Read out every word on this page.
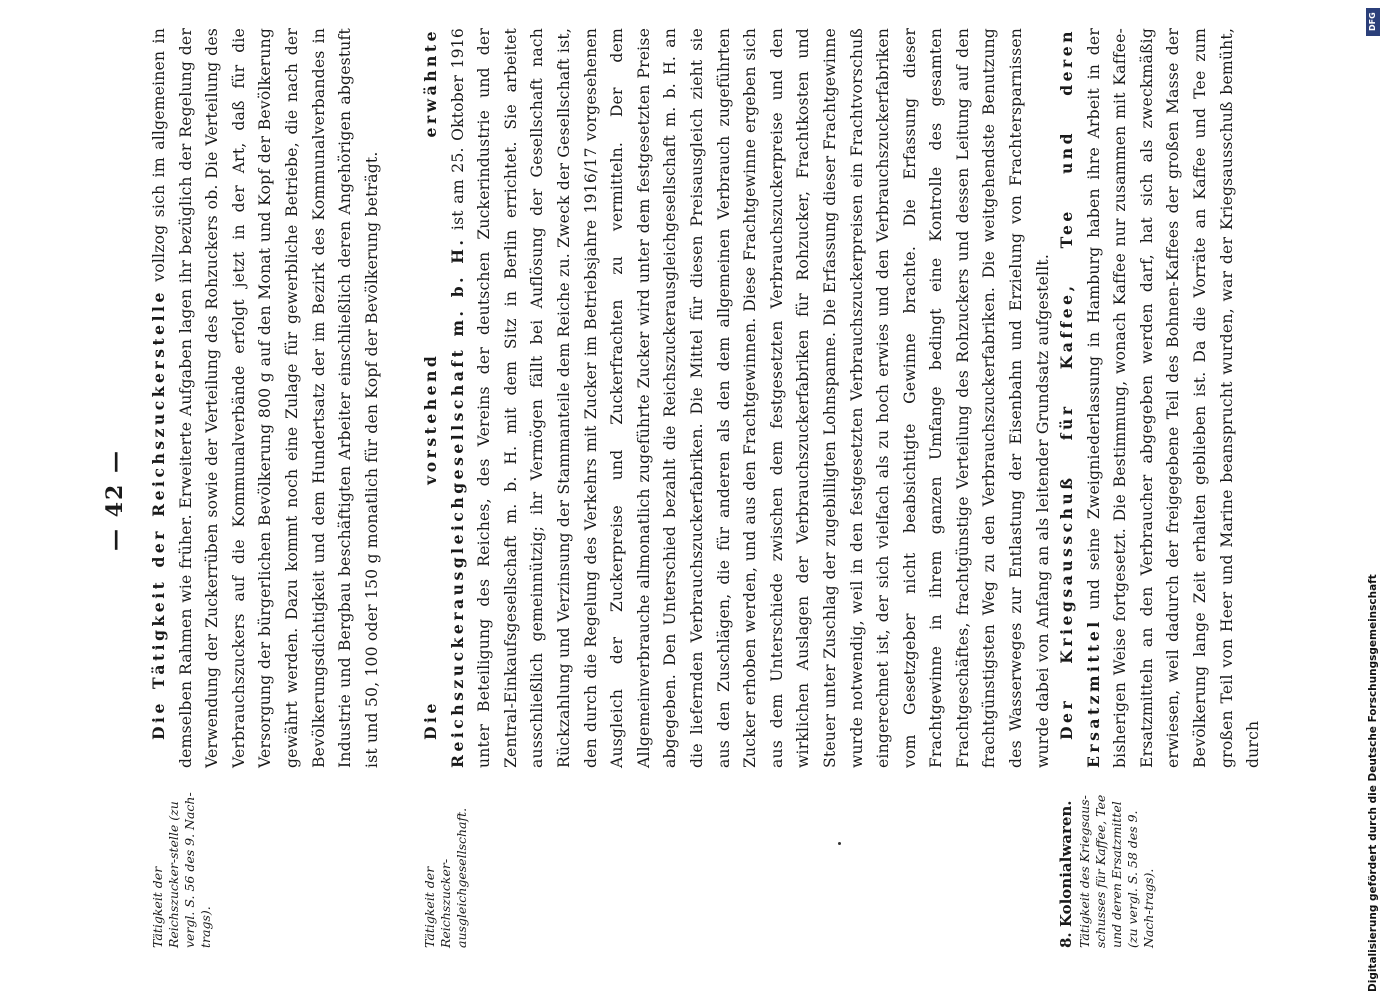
— 42 —
Tätigkeit der Reichszucker-stelle (zu vergl. S. 56 des 9. Nach-trags).
Die Tätigkeit der Reichszuckerstelle vollzog sich im allgemeinen in demselben Rahmen wie früher. Erweiterte Aufgaben lagen ihr bezüglich der Regelung der Verwendung der Zuckerrüben sowie der Verteilung des Rohzuckers ob. Die Verteilung des Verbrauchszuckers auf die Kommunalverbände erfolgt jetzt in der Art, daß für die Versorgung der bürgerlichen Bevölkerung 800 g auf den Monat und Kopf der Bevölkerung gewährt werden. Dazu kommt noch eine Zulage für gewerbliche Betriebe, die nach der Bevölkerungsdichtigkeit und dem Hundertsatz der im Bezirk des Kommunalverbandes in Industrie und Bergbau beschäftigten Arbeiter einschließlich deren Angehörigen abgestuft ist und 50, 100 oder 150 g monatlich für den Kopf der Bevölkerung beträgt.
Tätigkeit der Reichszucker-ausgleichgesellschaft.
Die vorstehend erwähnte Reichszuckerausgleichgesellschaft m. b. H. ist am 25. Oktober 1916 unter Beteiligung des Reiches, des Vereins der deutschen Zuckerindustrie und der Zentral-Einkaufsgesellschaft m. b. H. mit dem Sitz in Berlin errichtet. Sie arbeitet ausschließlich gemeinnützig; ihr Vermögen fällt bei Auflösung der Gesellschaft nach Rückzahlung und Verzinsung der Stammanteile dem Reiche zu. Zweck der Gesellschaft ist, den durch die Regelung des Verkehrs mit Zucker im Betriebsjahre 1916/17 vorgesehenen Ausgleich der Zuckerpreise und Zuckerfrachten zu vermitteln. Der dem Allgemeinverbrauche allmonatlich zugeführte Zucker wird unter dem festgesetzten Preise abgegeben. Den Unterschied bezahlt die Reichszuckerausgleichgesellschaft m. b. H. an die liefernden Verbrauchszuckerfabriken. Die Mittel für diesen Preisausgleich zieht sie aus den Zuschlägen, die für anderen als den dem allgemeinen Verbrauch zugeführten Zucker erhoben werden, und aus den Frachtgewinnen. Diese Frachtgewinne ergeben sich aus dem Unterschiede zwischen dem festgesetzten Verbrauchszuckerpreise und den wirklichen Auslagen der Verbrauchszuckerfabriken für Rohzucker, Frachtkosten und Steuer unter Zuschlag der zugebilligten Lohnspanne. Die Erfassung dieser Frachtgewinne wurde notwendig, weil in den festgesetzten Verbrauchszuckerpreisen ein Frachtvorschuß eingerechnet ist, der sich vielfach als zu hoch erwies und den Verbrauchszuckerfabriken vom Gesetzgeber nicht beabsichtigte Gewinne brachte. Die Erfassung dieser Frachtgewinne in ihrem ganzen Umfange bedingt eine Kontrolle des gesamten Frachtgeschäftes, frachtgünstige Verteilung des Rohzuckers und dessen Leitung auf den frachtgünstigsten Weg zu den Verbrauchszuckerfabriken. Die weitgehendste Benutzung des Wasserweges zur Entlastung der Eisenbahn und Erzielung von Frachtersparnissen wurde dabei von Anfang an als leitender Grundsatz aufgestellt.
8. Kolonialwaren. Tätigkeit des Kriegsaus-schusses für Kaffee, Tee und deren Ersatzmittel (zu vergl. S. 58 des 9. Nach-trags).
Der Kriegsausschuß für Kaffee, Tee und deren Ersatzmittel und seine Zweigniederlassung in Hamburg haben ihre Arbeit in der bisherigen Weise fortgesetzt. Die Bestimmung, wonach Kaffee nur zusammen mit Kaffee-Ersatzmitteln an den Verbraucher abgegeben werden darf, hat sich als zweckmäßig erwiesen, weil dadurch der freigegebene Teil des Bohnen-Kaffees der großen Masse der Bevölkerung lange Zeit erhalten geblieben ist. Da die Vorräte an Kaffee und Tee zum großen Teil von Heer und Marine beansprucht wurden, war der Kriegsausschuß bemüht, durch
DFG
Digitalisierung gefördert durch die Deutsche Forschungsgemeinschaft
